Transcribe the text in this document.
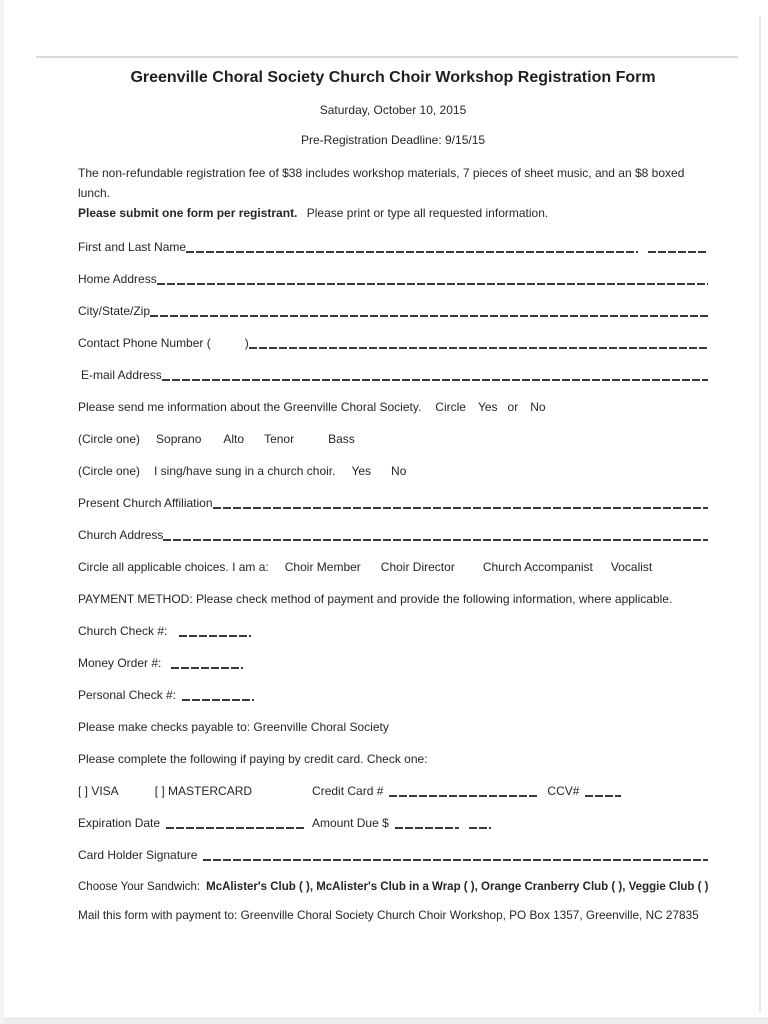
Greenville Choral Society Church Choir Workshop Registration Form
Saturday, October 10, 2015
Pre-Registration Deadline: 9/15/15
The non-refundable registration fee of $38 includes workshop materials, 7 pieces of sheet music, and an $8 boxed lunch.
Please submit one form per registrant. Please print or type all requested information.
First and Last Name
Home Address
City/State/Zip
Contact Phone Number (	)
E-mail Address
Please send me information about the Greenville Choral Society. Circle Yes or No
(Circle one) Soprano Alto Tenor	Bass
(Circle one) I sing/have sung in a church choir. Yes No
Present Church Affiliation
Church Address
Circle all applicable choices. I am a: Choir Member Choir Director Church Accompanist Vocalist
PAYMENT METHOD: Please check method of payment and provide the following information, where applicable.
Church Check #:
Money Order #:
Personal Check #:
Please make checks payable to: Greenville Choral Society
Please complete the following if paying by credit card. Check one:
[ ] VISA	[ ] MASTERCARD	Credit Card #	CCV#
Expiration Date	Amount Due $
Card Holder Signature
Choose Your Sandwich: McAlister's Club ( ), McAlister's Club in a Wrap ( ), Orange Cranberry Club ( ), Veggie Club ( )
Mail this form with payment to: Greenville Choral Society Church Choir Workshop, PO Box 1357, Greenville, NC 27835
